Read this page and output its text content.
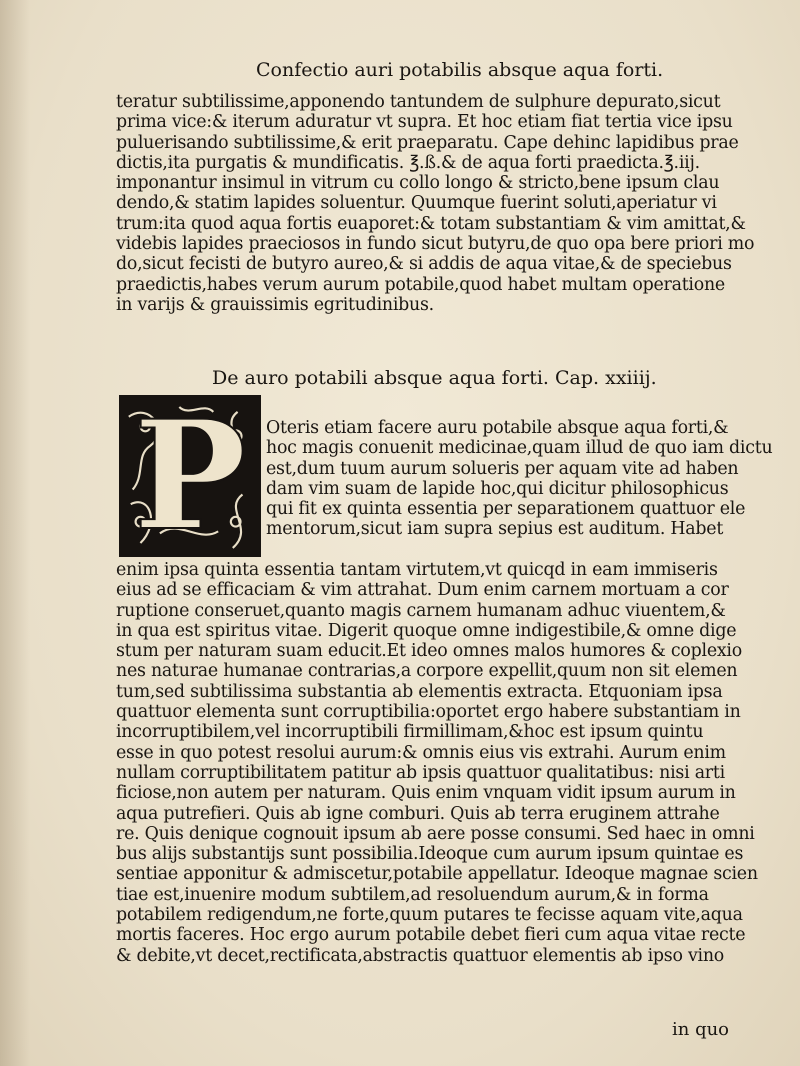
Confectio auri potabilis absque aqua forti.
teratur subtilissime,apponendo tantundem de sulphure depurato,sicut
prima vice:& iterum aduratur vt supra. Et hoc etiam fiat tertia vice ipsu
puluerisando subtilissime,& erit praeparatu. Cape dehinc lapidibus prae
dictis,ita purgatis & mundificatis. ℥.ß.& de aqua forti praedicta.℥.iij.
imponantur insimul in vitrum cu collo longo & stricto,bene ipsum clau
dendo,& statim lapides soluentur. Quumque fuerint soluti,aperiatur vi
trum:ita quod aqua fortis euaporet:& totam substantiam & vim amittat,&
videbis lapides praeciosos in fundo sicut butyru,de quo opa bere priori mo
do,sicut fecisti de butyro aureo,& si addis de aqua vitae,& de speciebus
praedictis,habes verum aurum potabile,quod habet multam operatione
in varijs & grauissimis egritudinibus.
De auro potabili absque aqua forti. Cap. xxiiij.
P	Oteris etiam facere auru potabile absque aqua forti,&
hoc magis conuenit medicinae,quam illud de quo iam dictu
est,dum tuum aurum solueris per aquam vite ad haben
dam vim suam de lapide hoc,qui dicitur philosophicus
qui fit ex quinta essentia per separationem quattuor ele
mentorum,sicut iam supra sepius est auditum. Habet
enim ipsa quinta essentia tantam virtutem,vt quicqd in eam immiseris
eius ad se efficaciam & vim attrahat. Dum enim carnem mortuam a cor
ruptione conseruet,quanto magis carnem humanam adhuc viuentem,&
in qua est spiritus vitae. Digerit quoque omne indigestibile,& omne dige
stum per naturam suam educit.Et ideo omnes malos humores & coplexio
nes naturae humanae contrarias,a corpore expellit,quum non sit elemen
tum,sed subtilissima substantia ab elementis extracta. Etquoniam ipsa
quattuor elementa sunt corruptibilia:oportet ergo habere substantiam in
incorruptibilem,vel incorruptibili firmillimam,&hoc est ipsum quintu
esse in quo potest resolui aurum:& omnis eius vis extrahi. Aurum enim
nullam corruptibilitatem patitur ab ipsis quattuor qualitatibus: nisi arti
ficiose,non autem per naturam. Quis enim vnquam vidit ipsum aurum in
aqua putrefieri. Quis ab igne comburi. Quis ab terra eruginem attrahe
re. Quis denique cognouit ipsum ab aere posse consumi. Sed haec in omni
bus alijs substantijs sunt possibilia.Ideoque cum aurum ipsum quintae es
sentiae apponitur & admiscetur,potabile appellatur. Ideoque magnae scien
tiae est,inuenire modum subtilem,ad resoluendum aurum,& in forma
potabilem redigendum,ne forte,quum putares te fecisse aquam vite,aqua
mortis faceres. Hoc ergo aurum potabile debet fieri cum aqua vitae recte
& debite,vt decet,rectificata,abstractis quattuor elementis ab ipso vino
in quo
